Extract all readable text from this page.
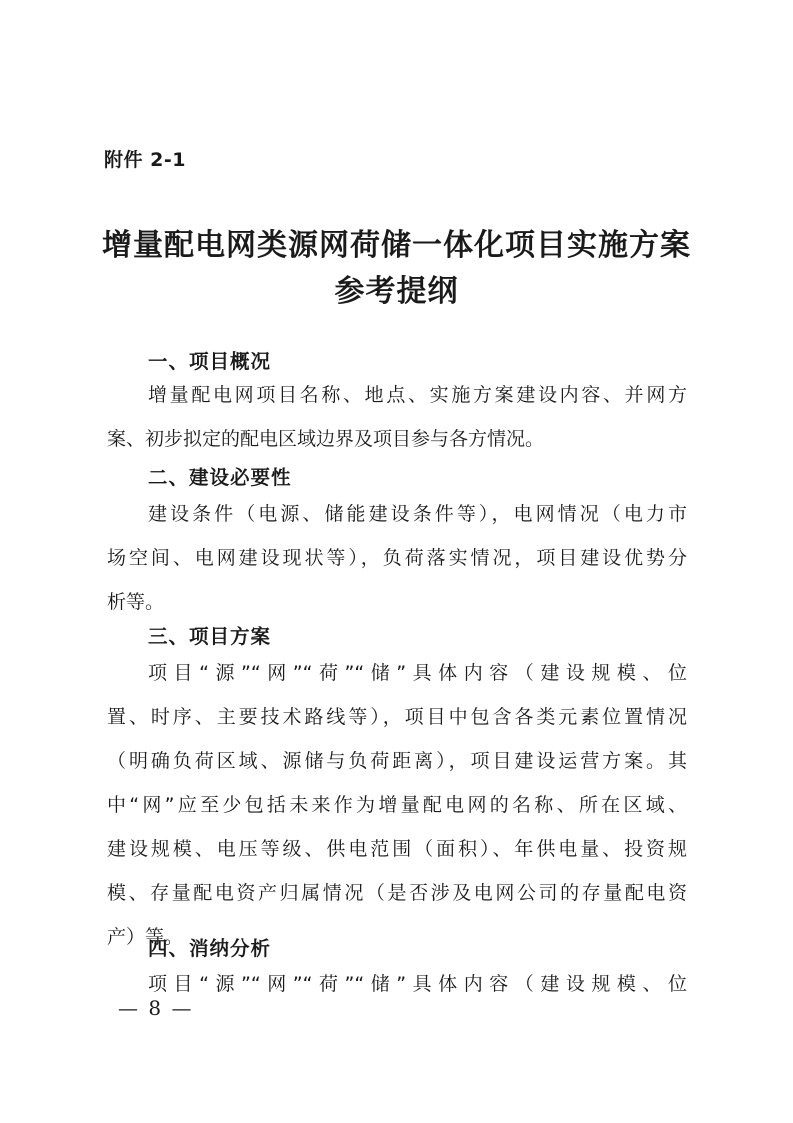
附件 2-1
增量配电网类源网荷储一体化项目实施方案
参考提纲
一、项目概况
增量配电网项目名称、地点、实施方案建设内容、并网方
案、初步拟定的配电区域边界及项目参与各方情况。
二、建设必要性
建设条件（电源、储能建设条件等），电网情况（电力市
场空间、电网建设现状等），负荷落实情况，项目建设优势分
析等。
三、项目方案
项目“源”“网”“荷”“储”具体内容（建设规模、位
置、时序、主要技术路线等），项目中包含各类元素位置情况
（明确负荷区域、源储与负荷距离），项目建设运营方案。其
中“网”应至少包括未来作为增量配电网的名称、所在区域、
建设规模、电压等级、供电范围（面积）、年供电量、投资规
模、存量配电资产归属情况（是否涉及电网公司的存量配电资
产）等。
四、消纳分析
项目“源”“网”“荷”“储”具体内容（建设规模、位
— 8 —
